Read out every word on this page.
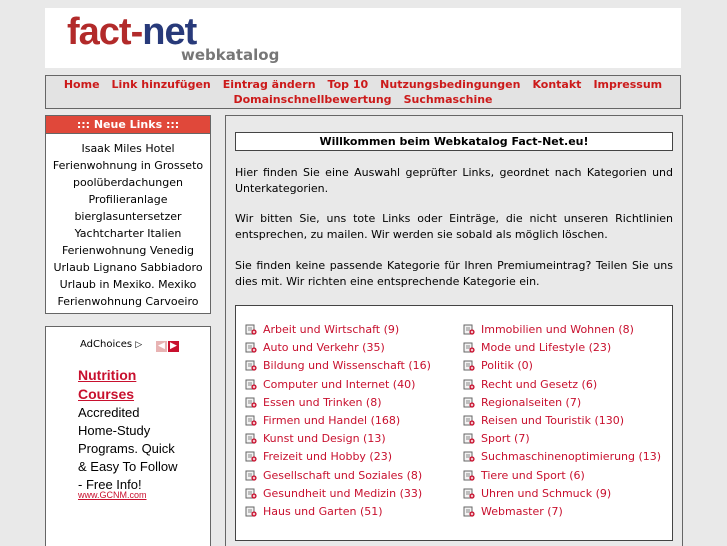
fact-net
webkatalog
Home Link hinzufügen Eintrag ändern Top 10 Nutzungsbedingungen Kontakt Impressum
Domainschnellbewertung Suchmaschine
::: Neue Links :::
Isaak Miles Hotel
Ferienwohnung in Grosseto
poolüberdachungen
Profilieranlage
bierglasuntersetzer
Yachtcharter Italien
Ferienwohnung Venedig
Urlaub Lignano Sabbiadoro
Urlaub in Mexiko. Mexiko
Ferienwohnung Carvoeiro
AdChoices ▷ ◀ ▶
Nutrition Courses
Accredited Home-Study Programs. Quick & Easy To Follow - Free Info!
www.GCNM.com
Willkommen beim Webkatalog Fact-Net.eu!
Hier finden Sie eine Auswahl geprüfter Links, geordnet nach Kategorien und Unterkategorien.
Wir bitten Sie, uns tote Links oder Einträge, die nicht unseren Richtlinien entsprechen, zu mailen. Wir werden sie sobald als möglich löschen.
Sie finden keine passende Kategorie für Ihren Premiumeintrag? Teilen Sie uns dies mit. Wir richten eine entsprechende Kategorie ein.
Arbeit und Wirtschaft (9)
Auto und Verkehr (35)
Bildung und Wissenschaft (16)
Computer und Internet (40)
Essen und Trinken (8)
Firmen und Handel (168)
Kunst und Design (13)
Freizeit und Hobby (23)
Gesellschaft und Soziales (8)
Gesundheit und Medizin (33)
Haus und Garten (51)
Immobilien und Wohnen (8)
Mode und Lifestyle (23)
Politik (0)
Recht und Gesetz (6)
Regionalseiten (7)
Reisen und Touristik (130)
Sport (7)
Suchmaschinenoptimierung (13)
Tiere und Sport (6)
Uhren und Schmuck (9)
Webmaster (7)
